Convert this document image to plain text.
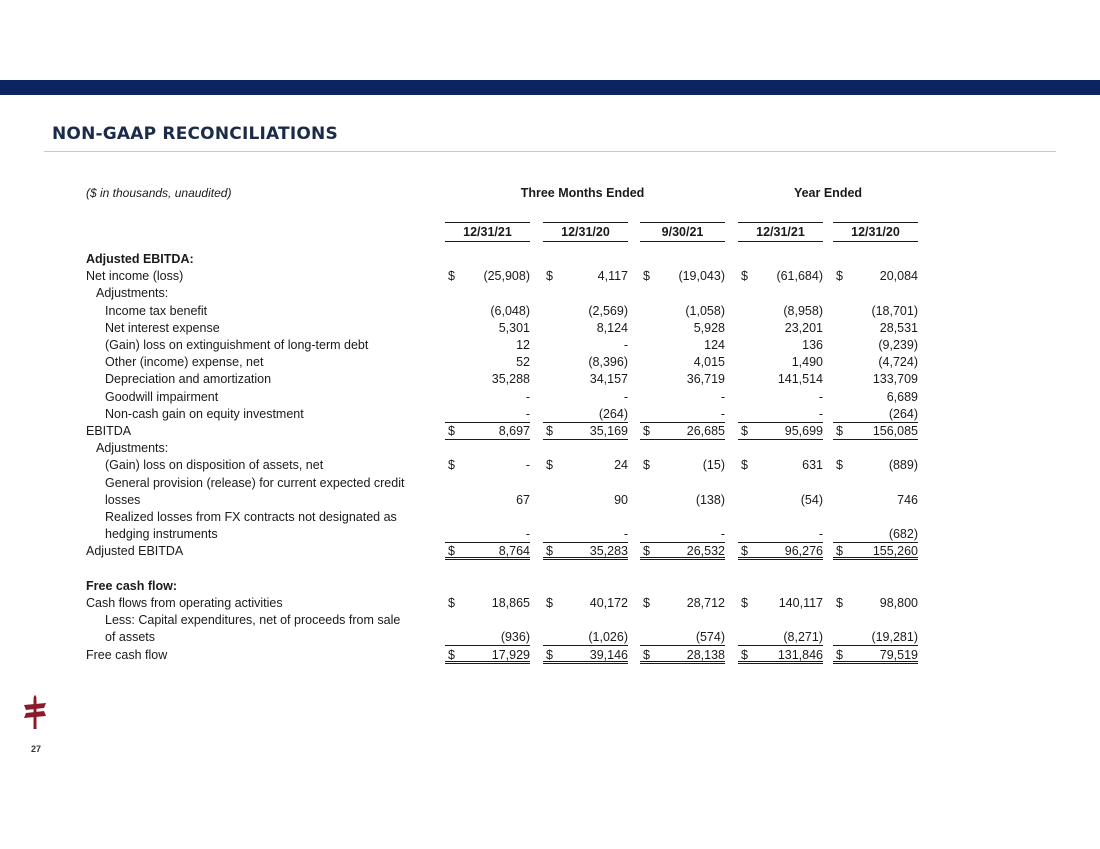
NON-GAAP RECONCILIATIONS
($ in thousands, unaudited)	Three Months Ended	Year Ended
12/31/21	12/31/20	9/30/21	12/31/21	12/31/20
Adjusted EBITDA:
Net income (loss)	$ (25,908) $	4,117 $ (19,043) $ (61,684) $	20,084
Adjustments:
Income tax benefit	(6,048)	(2,569)	(1,058)	(8,958)	(18,701)
Net interest expense	5,301	8,124	5,928	23,201	28,531
(Gain) loss on extinguishment of long-term debt	12	-	124	136	(9,239)
Other (income) expense, net	52	(8,396)	4,015	1,490	(4,724)
Depreciation and amortization	35,288	34,157	36,719	141,514	133,709
Goodwill impairment	-	-	-	-	6,689
Non-cash gain on equity investment	-	(264)	-	-	(264)
EBITDA	$	8,697 $	35,169 $	26,685 $	95,699 $ 156,085
Adjustments:
(Gain) loss on disposition of assets, net	$	- $	24 $	(15) $	631 $	(889)
General provision (release) for current expected credit
losses	67	90	(138)	(54)	746
Realized losses from FX contracts not designated as
hedging instruments	-	-	-	-	(682)
Adjusted EBITDA	$	8,764 $	35,283 $	26,532 $	96,276 $ 155,260
Free cash flow:
Cash flows from operating activities	$	18,865 $	40,172 $	28,712 $ 140,117 $	98,800
Less: Capital expenditures, net of proceeds from sale
of assets	(936)	(1,026)	(574)	(8,271)	(19,281)
Free cash flow	$	17,929 $	39,146 $	28,138 $ 131,846 $	79,519
27
